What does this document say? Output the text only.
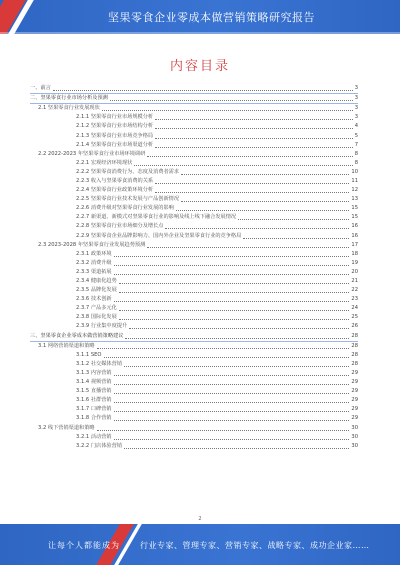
坚果零食企业零成本做营销策略研究报告
内容目录
一、前言	3
二、坚果零食行业市场分析及预测	3
2.1 坚果零食行业发展现状	3
2.1.1 坚果零食行业市场规模分析	3
2.1.2 坚果零食行业市场结构分析	4
2.1.3 坚果零食行业市场竞争格局	5
2.1.4 坚果零食行业市场渠道分析	7
2.2 2022-2023 年坚果零食行业市场环境调研	8
2.2.1 宏观经济环境现状	8
2.2.2 坚果零食消费行为、态度及消费者需求	10
2.2.3 收入与坚果零食消费的关系	11
2.2.4 坚果零食行业政策环境分析	12
2.2.5 坚果零食行业技术发展与产品创新情况	13
2.2.6 消费升级对坚果零食行业发展的影响	15
2.2.7 新渠道、新模式对坚果零食行业的影响及线上线下融合发展情况	15
2.2.8 坚果零食行业市场细分及增长点	16
2.2.9 坚果零食企业品牌影响力、国内外企业及坚果零食行业的竞争格局	16
2.3 2023-2028 年坚果零食行业发展趋势预测	17
2.3.1 政策环境	18
2.3.2 消费升级	19
2.3.3 渠道拓展	20
2.3.4 健康化趋势	21
2.3.5 品牌化发展	22
2.3.6 技术创新	23
2.3.7 产品多元化	24
2.3.8 国际化发展	25
2.3.9 行业集中度提升	26
三、坚果零食企业零成本做营销策略建议	28
3.1 网络营销渠道和策略	28
3.1.1 SEO	28
3.1.2 社交媒体营销	28
3.1.3 内容营销	29
3.1.4 视频营销	29
3.1.5 直播营销	29
3.1.6 社群营销	29
3.1.7 口碑营销	29
3.1.8 合作营销	29
3.2 线下营销渠道和策略	30
3.2.1 活动营销	30
3.2.2 门店体验营销	30
2
让每个人都能成为	行业专家、管理专家、营销专家、战略专家、成功企业家……
